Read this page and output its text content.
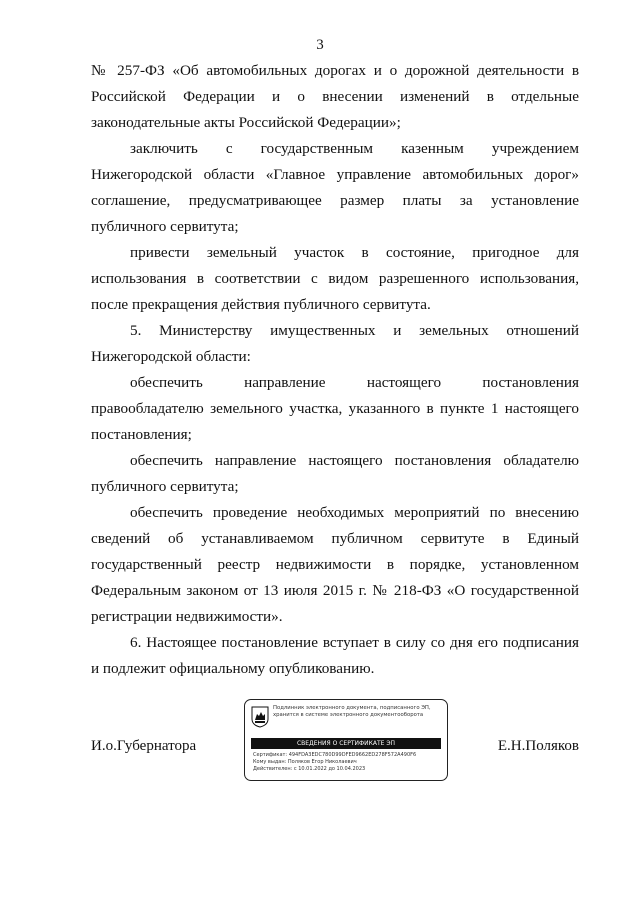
3

№ 257-ФЗ «Об автомобильных дорогах и о дорожной деятельности в Российской Федерации и о внесении изменений в отдельные законодательные акты Российской Федерации»;

заключить с государственным казенным учреждением Нижегородской области «Главное управление автомобильных дорог» соглашение, предусматривающее размер платы за установление публичного сервитута;

привести земельный участок в состояние, пригодное для использования в соответствии с видом разрешенного использования, после прекращения действия публичного сервитута.

5. Министерству имущественных и земельных отношений Нижегородской области:

обеспечить направление настоящего постановления правообладателю земельного участка, указанного в пункте 1 настоящего постановления;

обеспечить направление настоящего постановления обладателю публичного сервитута;

обеспечить проведение необходимых мероприятий по внесению сведений об устанавливаемом публичном сервитуте в Единый государственный реестр недвижимости в порядке, установленном Федеральным законом от 13 июля 2015 г. № 218-ФЗ «О государственной регистрации недвижимости».

6. Настоящее постановление вступает в силу со дня его подписания и подлежит официальному опубликованию.

И.о.Губернатора
Подлинник электронного документа, подписанного ЭП, хранится в системе электронного документооборота
СВЕДЕНИЯ О СЕРТИФИКАТЕ ЭП
Сертификат: 494FDA3EDC780D99DFED9662ED278F572A490F6
Кому выдан: Поляков Егор Николаевич
Действителен: с 10.01.2022 до 10.04.2023
Е.Н.Поляков
